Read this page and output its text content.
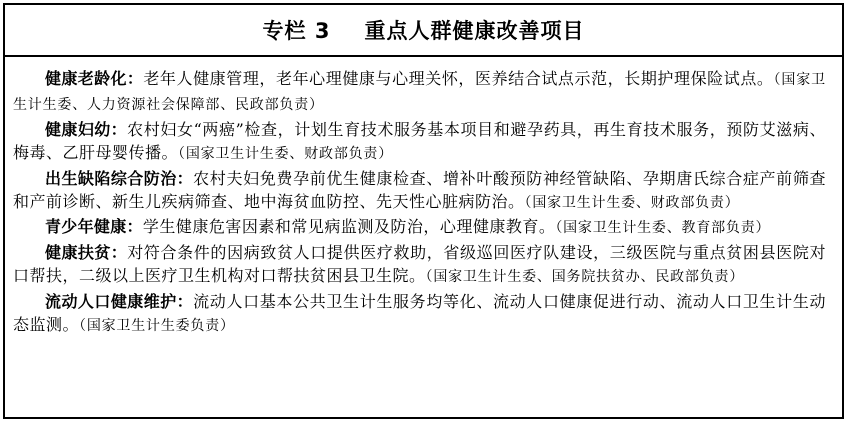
专栏 3 重点人群健康改善项目

健康老龄化：老年人健康管理，老年心理健康与心理关怀，医养结合试点示范，长期护理保险试点。（国家卫生计生委、人力资源社会保障部、民政部负责）

健康妇幼：农村妇女“两癌”检查，计划生育技术服务基本项目和避孕药具，再生育技术服务，预防艾滋病、梅毒、乙肝母婴传播。（国家卫生计生委、财政部负责）

出生缺陷综合防治：农村夫妇免费孕前优生健康检查、增补叶酸预防神经管缺陷、孕期唐氏综合症产前筛查和产前诊断、新生儿疾病筛查、地中海贫血防控、先天性心脏病防治。（国家卫生计生委、财政部负责）

青少年健康：学生健康危害因素和常见病监测及防治，心理健康教育。（国家卫生计生委、教育部负责）

健康扶贫：对符合条件的因病致贫人口提供医疗救助，省级巡回医疗队建设，三级医院与重点贫困县医院对口帮扶，二级以上医疗卫生机构对口帮扶贫困县卫生院。（国家卫生计生委、国务院扶贫办、民政部负责）

流动人口健康维护：流动人口基本公共卫生计生服务均等化、流动人口健康促进行动、流动人口卫生计生动态监测。（国家卫生计生委负责）
